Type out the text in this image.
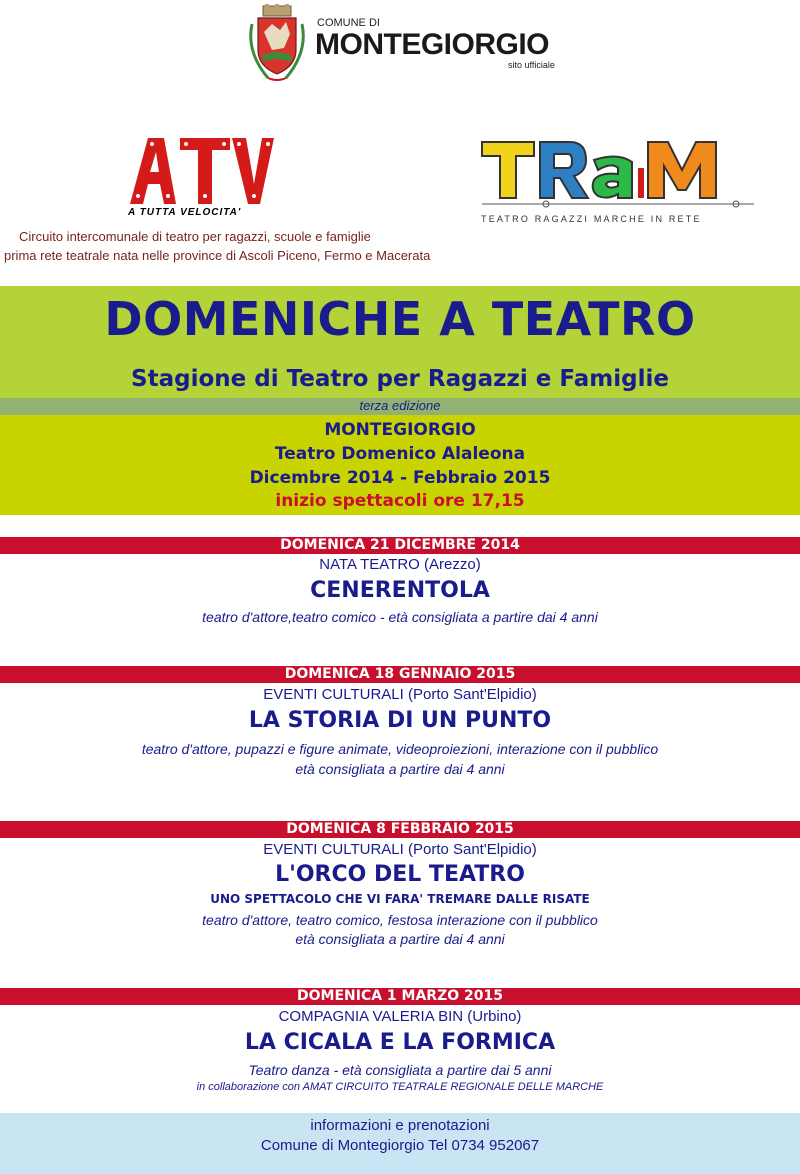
COMUNE DI
MONTEGIORGIO
sito ufficiale
ATV
A TUTTA VELOCITA'
TRaM
TEATRO RAGAZZI MARCHE IN RETE
Circuito intercomunale di teatro per ragazzi, scuole e famiglie
prima rete teatrale nata nelle province di Ascoli Piceno, Fermo e Macerata
DOMENICHE A TEATRO
Stagione di Teatro per Ragazzi e Famiglie
terza edizione
MONTEGIORGIO
Teatro Domenico Alaleona
Dicembre 2014 - Febbraio 2015
inizio spettacoli ore 17,15
DOMENICA 21 DICEMBRE 2014
NATA TEATRO (Arezzo)
CENERENTOLA
teatro d'attore,teatro comico - età consigliata a partire dai 4 anni
DOMENICA 18 GENNAIO 2015
EVENTI CULTURALI (Porto Sant'Elpidio)
LA STORIA DI UN PUNTO
teatro d'attore, pupazzi e figure animate, videoproiezioni, interazione con il pubblico
età consigliata a partire dai 4 anni
DOMENICA 8 FEBBRAIO 2015
EVENTI CULTURALI (Porto Sant'Elpidio)
L'ORCO DEL TEATRO
UNO SPETTACOLO CHE VI FARA' TREMARE DALLE RISATE
teatro d'attore, teatro comico, festosa interazione con il pubblico
età consigliata a partire dai 4 anni
DOMENICA 1 MARZO 2015
COMPAGNIA VALERIA BIN (Urbino)
LA CICALA E LA FORMICA
Teatro danza - età consigliata a partire dai 5 anni
in collaborazione con AMAT CIRCUITO TEATRALE REGIONALE DELLE MARCHE
informazioni e prenotazioni
Comune di Montegiorgio Tel 0734 952067
